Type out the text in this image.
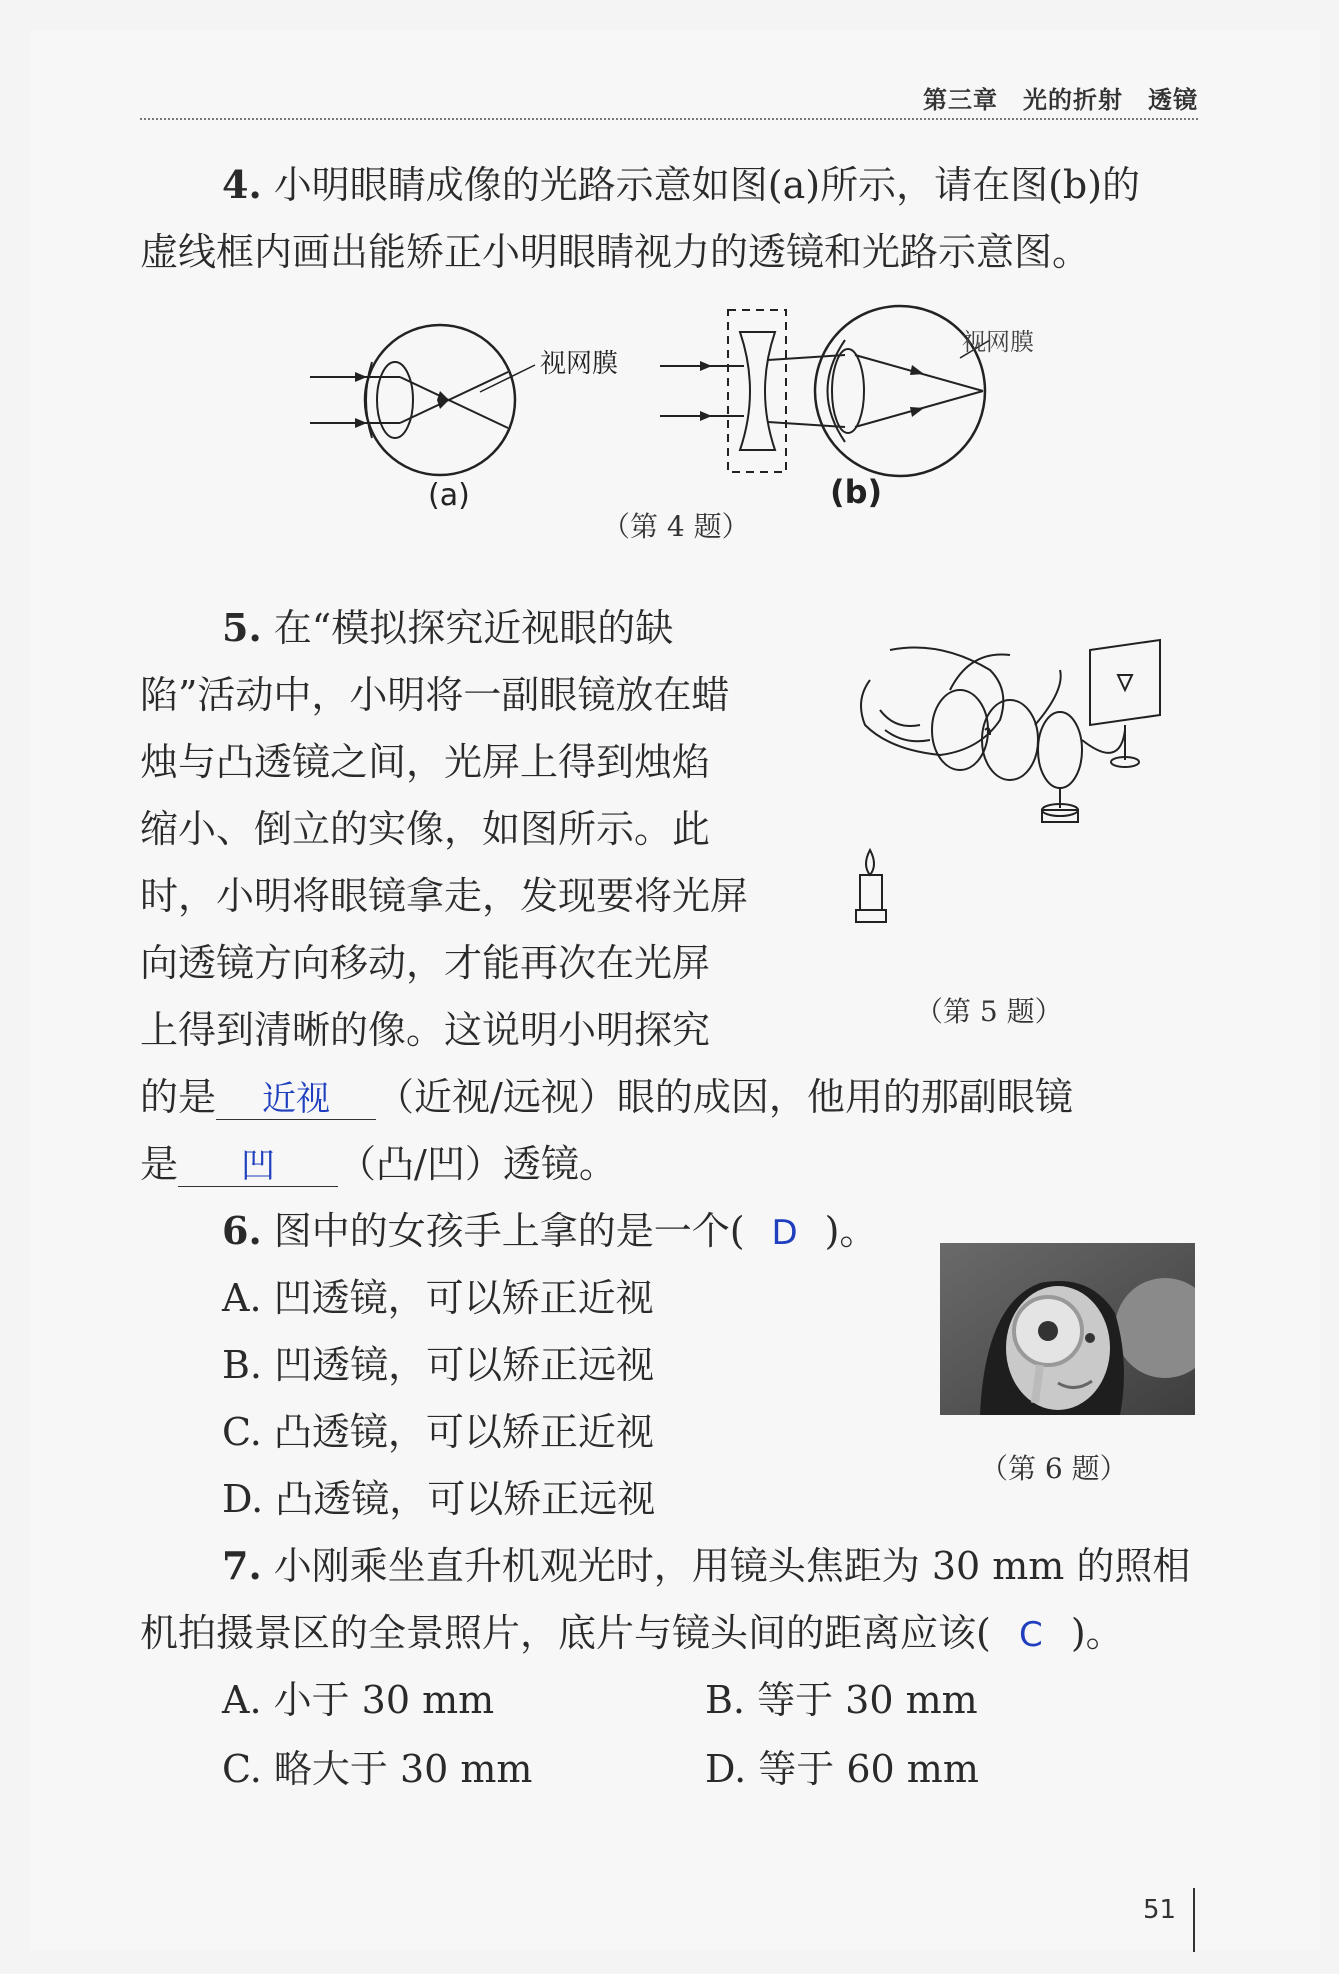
第三章　光的折射　透镜
4. 小明眼睛成像的光路示意如图(a)所示，请在图(b)的
虚线框内画出能矫正小明眼睛视力的透镜和光路示意图。
视网膜
(a)
视网膜
(b)
（第 4 题）
5. 在“模拟探究近视眼的缺
陷”活动中，小明将一副眼镜放在蜡
烛与凸透镜之间，光屏上得到烛焰
缩小、倒立的实像，如图所示。此
时，小明将眼镜拿走，发现要将光屏
向透镜方向移动，才能再次在光屏
上得到清晰的像。这说明小明探究
的是 近视 （近视/远视）眼的成因，他用的那副眼镜
是 凹 （凸/凹）透镜。
（第 5 题）
6. 图中的女孩手上拿的是一个( D )。
A. 凹透镜，可以矫正近视
B. 凹透镜，可以矫正远视
C. 凸透镜，可以矫正近视
D. 凸透镜，可以矫正远视
（第 6 题）
7. 小刚乘坐直升机观光时，用镜头焦距为 30 mm 的照相
机拍摄景区的全景照片，底片与镜头间的距离应该( C )。
A. 小于 30 mm	B. 等于 30 mm
C. 略大于 30 mm	D. 等于 60 mm
51
